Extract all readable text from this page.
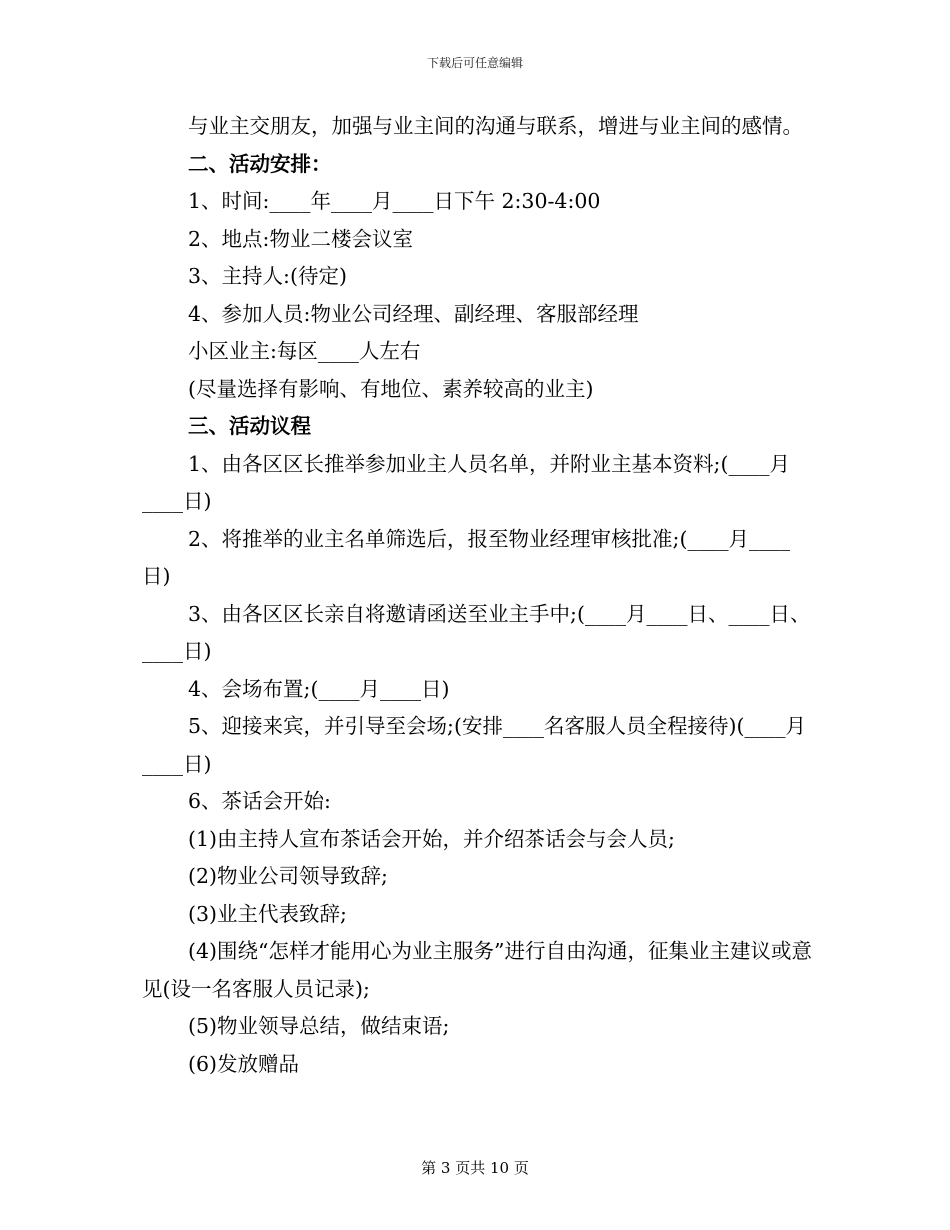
下载后可任意编辑

与业主交朋友，加强与业主间的沟通与联系，增进与业主间的感情。

二、活动安排：

1、时间:____年____月____日下午 2:30-4:00

2、地点:物业二楼会议室

3、主持人:(待定)

4、参加人员:物业公司经理、副经理、客服部经理

小区业主:每区____人左右

(尽量选择有影响、有地位、素养较高的业主)

三、活动议程

1、由各区区长推举参加业主人员名单，并附业主基本资料;(____月____日)

2、将推举的业主名单筛选后，报至物业经理审核批准;(____月____日)

3、由各区区长亲自将邀请函送至业主手中;(____月____日、____日、____日)

4、会场布置;(____月____日)

5、迎接来宾，并引导至会场;(安排____名客服人员全程接待)(____月____日)

6、茶话会开始:

(1)由主持人宣布茶话会开始，并介绍茶话会与会人员;

(2)物业公司领导致辞;

(3)业主代表致辞;

(4)围绕“怎样才能用心为业主服务”进行自由沟通，征集业主建议或意见(设一名客服人员记录);

(5)物业领导总结，做结束语;

(6)发放赠品

第 3 页共 10 页
